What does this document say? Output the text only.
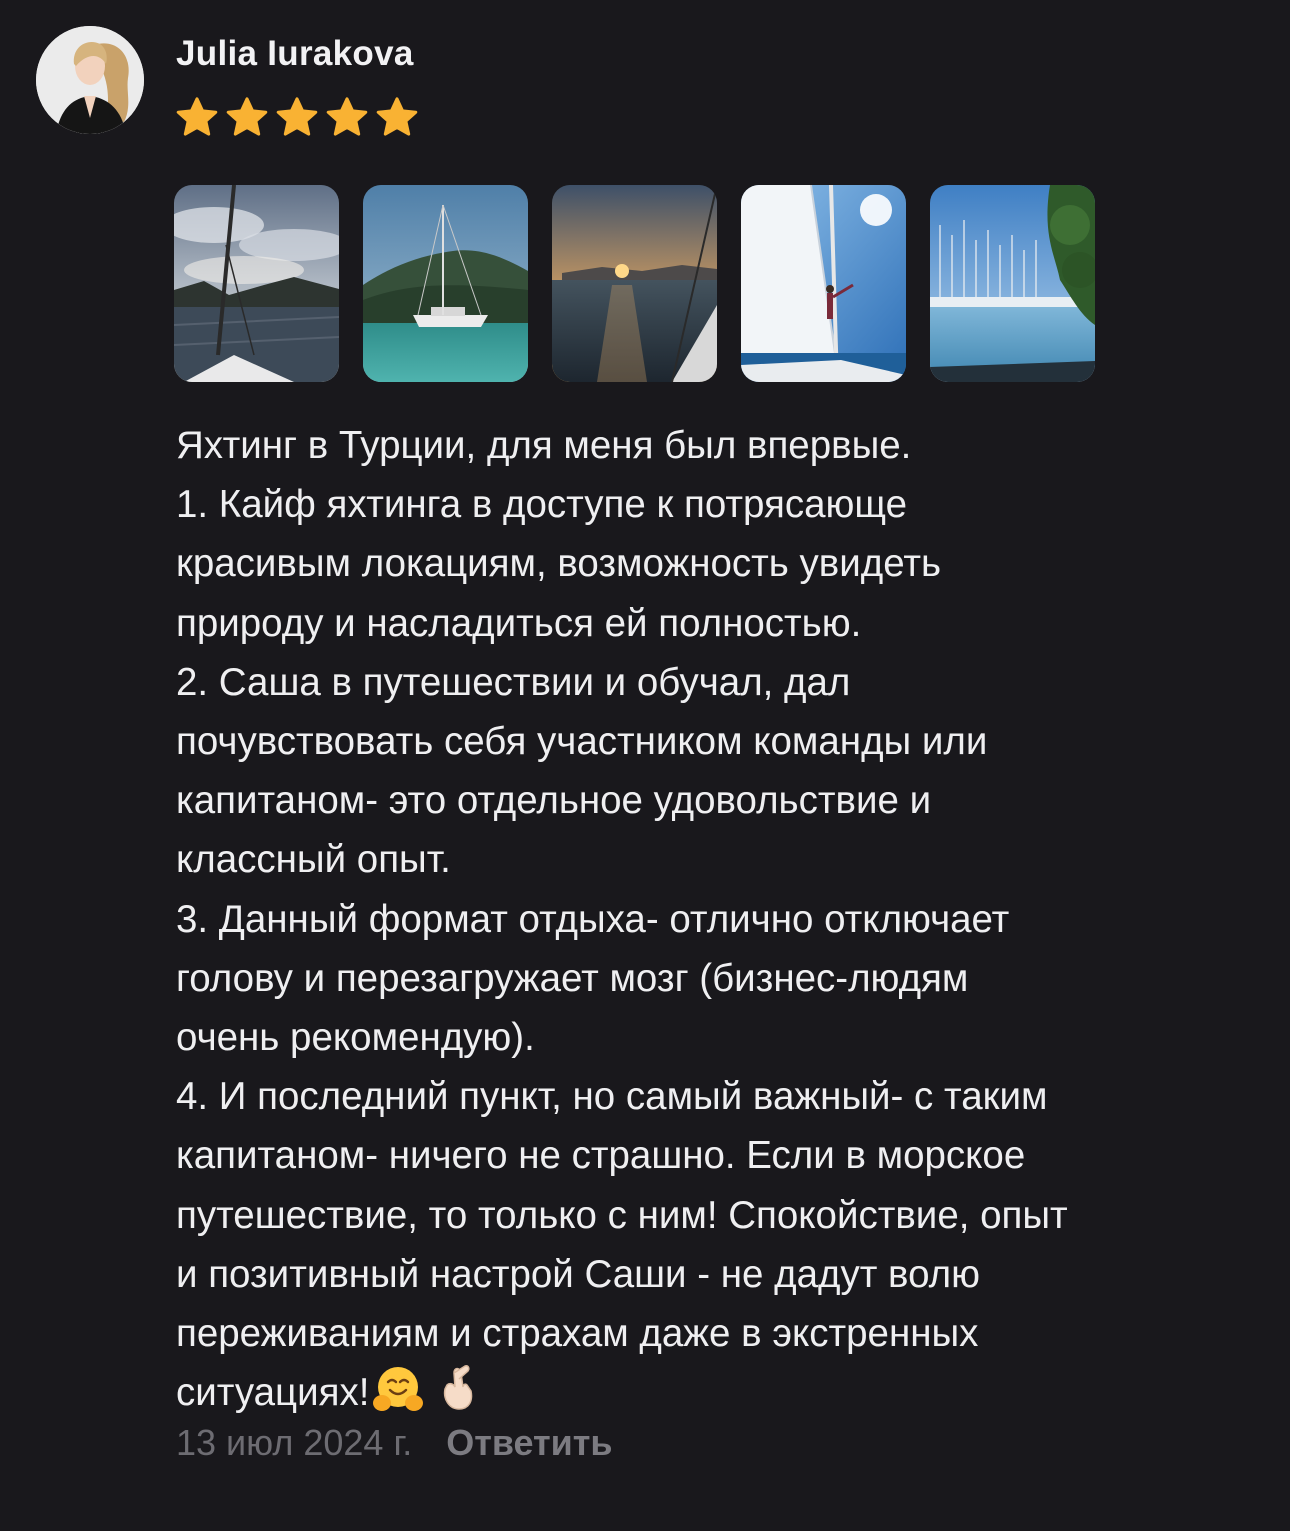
Julia Iurakova

Яхтинг в Турции, для меня был впервые.

1. Кайф яхтинга в доступе к потрясающе

красивым локациям, возможность увидеть

природу и насладиться ей полностью.

2. Саша в путешествии и обучал, дал

почувствовать себя участником команды или

капитаном- это отдельное удовольствие и

классный опыт.

3. Данный формат отдыха- отлично отключает

голову и перезагружает мозг (бизнес-людям

очень рекомендую).

4. И последний пункт, но самый важный- с таким

капитаном- ничего не страшно. Если в морское

путешествие, то только с ним! Спокойствие, опыт

и позитивный настрой Саши - не дадут волю

переживаниям и страхам даже в экстренных

ситуациях!

13 июл 2024 г. Ответить
